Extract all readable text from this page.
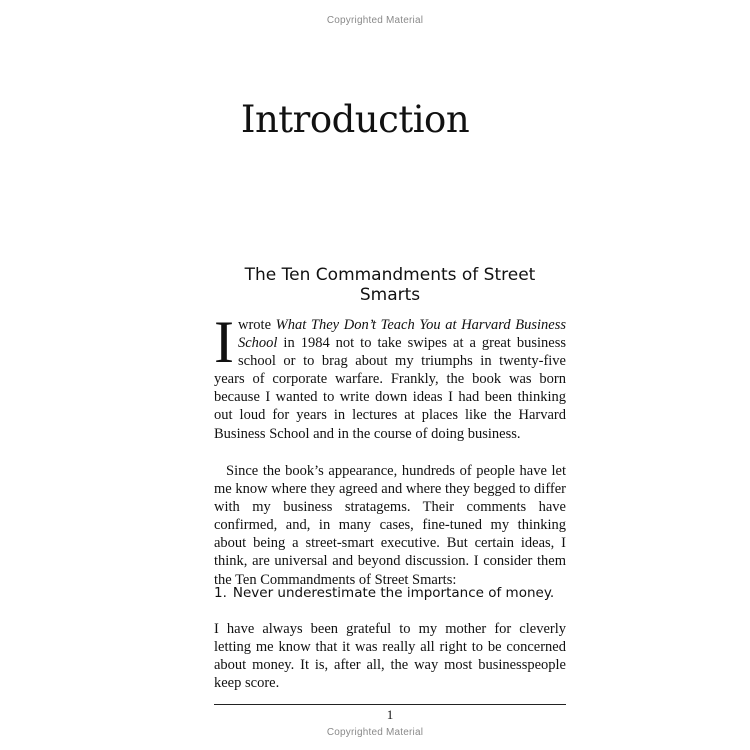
Copyrighted Material
Introduction
The Ten Commandments of Street Smarts

Iwrote What They Don’t Teach You at Harvard Business School in 1984 not to take swipes at a great business school or to brag about my triumphs in twenty-five years of corporate warfare. Frankly, the book was born because I wanted to write down ideas I had been thinking out loud for years in lectures at places like the Harvard Business School and in the course of doing business.

Since the book’s appearance, hundreds of people have let me know where they agreed and where they begged to differ with my business stratagems. Their comments have confirmed, and, in many cases, fine-tuned my thinking about being a street-smart executive. But certain ideas, I think, are universal and beyond discussion. I consider them the Ten Commandments of Street Smarts:

1. Never underestimate the importance of money.

I have always been grateful to my mother for cleverly letting me know that it was really all right to be concerned about money. It is, after all, the way most businesspeople keep score.

1
Copyrighted Material
